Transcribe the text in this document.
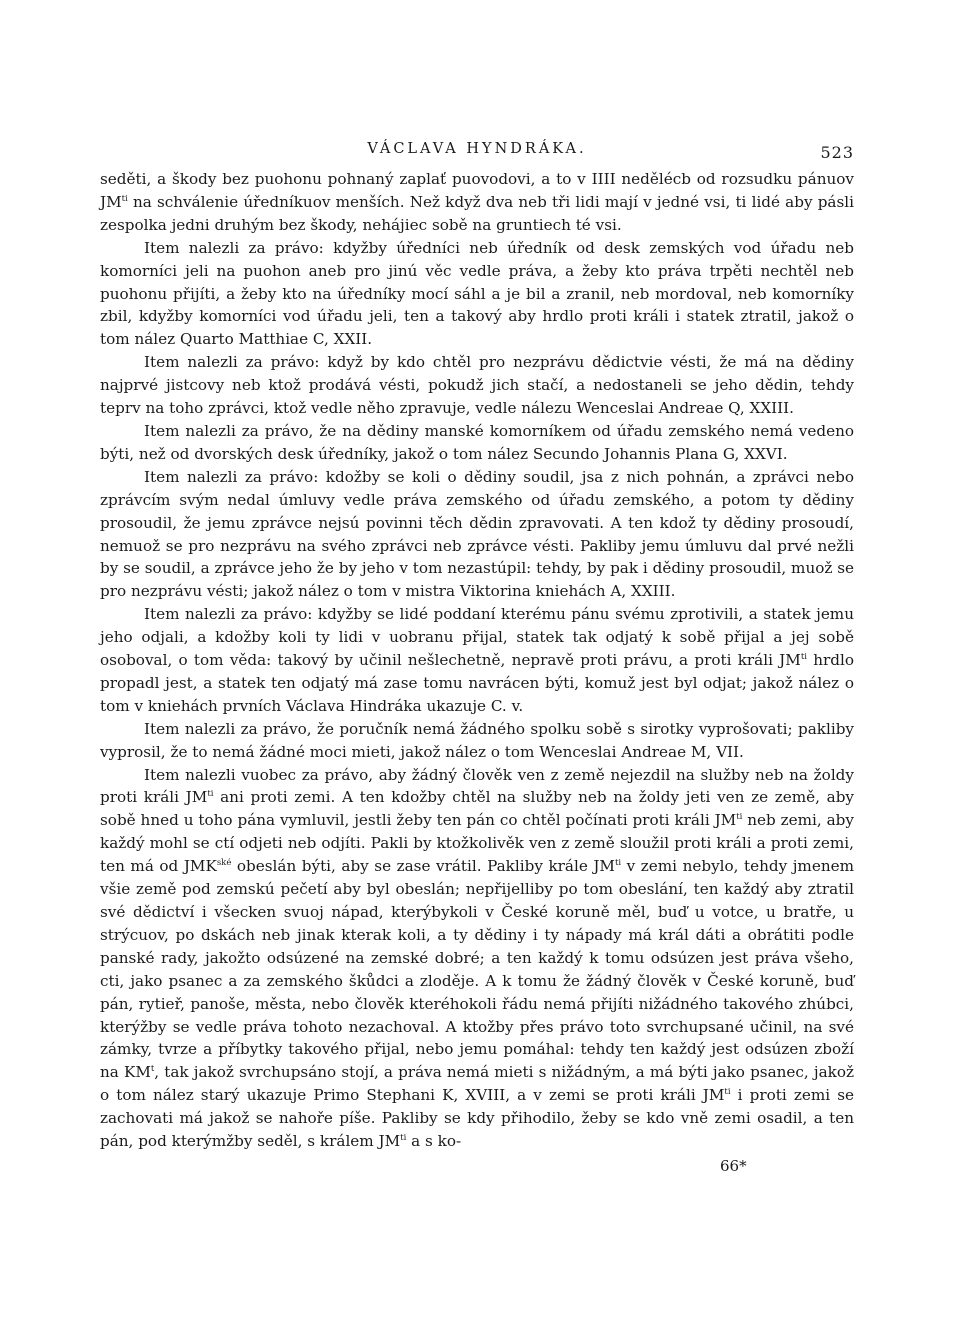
VÁCLAVA HYNDRÁKA.	523

seděti, a škody bez puohonu pohnaný zaplať puovodovi, a to v IIII nedělécb od rozsudku pánuov $JM^{ti}$ na schválenie úředníkuov menších. Než když dva neb tři lidi mají v jedné vsi, ti lidé aby pásli zespolka jedni druhým bez škody, nehájiec sobě na gruntiech té vsi.

Item nalezli za právo: kdyžby úředníci neb úředník od desk zemských vod úřadu neb komorníci jeli na puohon aneb pro jinú věc vedle práva, a žeby kto práva trpěti nechtěl neb puohonu přijíti, a žeby kto na úředníky mocí sáhl a je bil a zranil, neb mordoval, neb komorníky zbil, kdyžby komorníci vod úřadu jeli, ten a takový aby hrdlo proti králi i statek ztratil, jakož o tom nález Quarto Matthiae C, XXII.

Item nalezli za právo: když by kdo chtěl pro nezprávu dědictvie vésti, že má na dědiny najprvé jistcovy neb ktož prodává vésti, pokudž jich stačí, a nedostaneli se jeho dědin, tehdy teprv na toho zprávci, ktož vedle něho zpravuje, vedle nálezu Wenceslai Andreae Q, XXIII.

Item nalezli za právo, že na dědiny manské komorníkem od úřadu zemského nemá vedeno býti, než od dvorských desk úředníky, jakož o tom nález Secundo Johannis Plana G, XXVI.

Item nalezli za právo: kdožby se koli o dědiny soudil, jsa z nich pohnán, a zprávci nebo zprávcím svým nedal úmluvy vedle práva zemského od úřadu zemského, a potom ty dědiny prosoudil, že jemu zprávce nejsú povinni těch dědin zpravovati. A ten kdož ty dědiny prosoudí, nemuož se pro nezprávu na svého zprávci neb zprávce vésti. Pakliby jemu úmluvu dal prvé nežli by se soudil, a zprávce jeho že by jeho v tom nezastúpil: tehdy, by pak i dědiny prosoudil, muož se pro nezprávu vésti; jakož nález o tom v mistra Viktorina kniehách A, XXIII.

Item nalezli za právo: kdyžby se lidé poddaní kterému pánu svému zprotivili, a statek jemu jeho odjali, a kdožby koli ty lidi v uobranu přijal, statek tak odjatý k sobě přijal a jej sobě osoboval, o tom věda: takový by učinil nešlechetně, nepravě proti právu, a proti králi $JM^{ti}$ hrdlo propadl jest, a statek ten odjatý má zase tomu navrácen býti, komuž jest byl odjat; jakož nález o tom v kniehách prvních Václava Hindráka ukazuje C. v.

Item nalezli za právo, že poručník nemá žádného spolku sobě s sirotky vyprošovati; pakliby vyprosil, že to nemá žádné moci mieti, jakož nález o tom Wenceslai Andreae M, VII.

Item nalezli vuobec za právo, aby žádný člověk ven z země nejezdil na služby neb na žoldy proti králi $JM^{ti}$ ani proti zemi. A ten kdožby chtěl na služby neb na žoldy jeti ven ze země, aby sobě hned u toho pána vymluvil, jestli žeby ten pán co chtěl počínati proti králi $JM^{ti}$ neb zemi, aby každý mohl se ctí odjeti neb odjíti. Pakli by ktožkolivěk ven z země sloužil proti králi a proti zemi, ten má od $JMK^{ské}$ obeslán býti, aby se zase vrátil. Pakliby krále $JM^{ti}$ v zemi nebylo, tehdy jmenem všie země pod zemskú pečetí aby byl obeslán; nepřijelliby po tom obeslání, ten každý aby ztratil své dědictví i všecken svuoj nápad, kterýbykoli v České koruně měl, buď u votce, u bratře, u strýcuov, po dskách neb jinak kterak koli, a ty dědiny i ty nápady má král dáti a obrátiti podle panské rady, jakožto odsúzené na zemské dobré; a ten každý k tomu odsúzen jest práva všeho, cti, jako psanec a za zemského škůdci a zloděje. A k tomu že žádný člověk v České koruně, buď pán, rytieř, panoše, města, nebo člověk kteréhokoli řádu nemá přijíti nižádného takového zhúbci, kterýžby se vedle práva tohoto nezachoval. A ktožby přes právo toto svrchupsané učinil, na své zámky, tvrze a příbytky takového přijal, nebo jemu pomáhal: tehdy ten každý jest odsúzen zboží na $KM^t$, tak jakož svrchupsáno stojí, a práva nemá mieti s nižádným, a má býti jako psanec, jakož o tom nález starý ukazuje Primo Stephani K, XVIII, a v zemi se proti králi $JM^{ti}$ i proti zemi se zachovati má jakož se nahoře píše. Pakliby se kdy přihodilo, žeby se kdo vně zemi osadil, a ten pán, pod kterýmžby seděl, s králem $JM^{ti}$ a s ko-

66*
